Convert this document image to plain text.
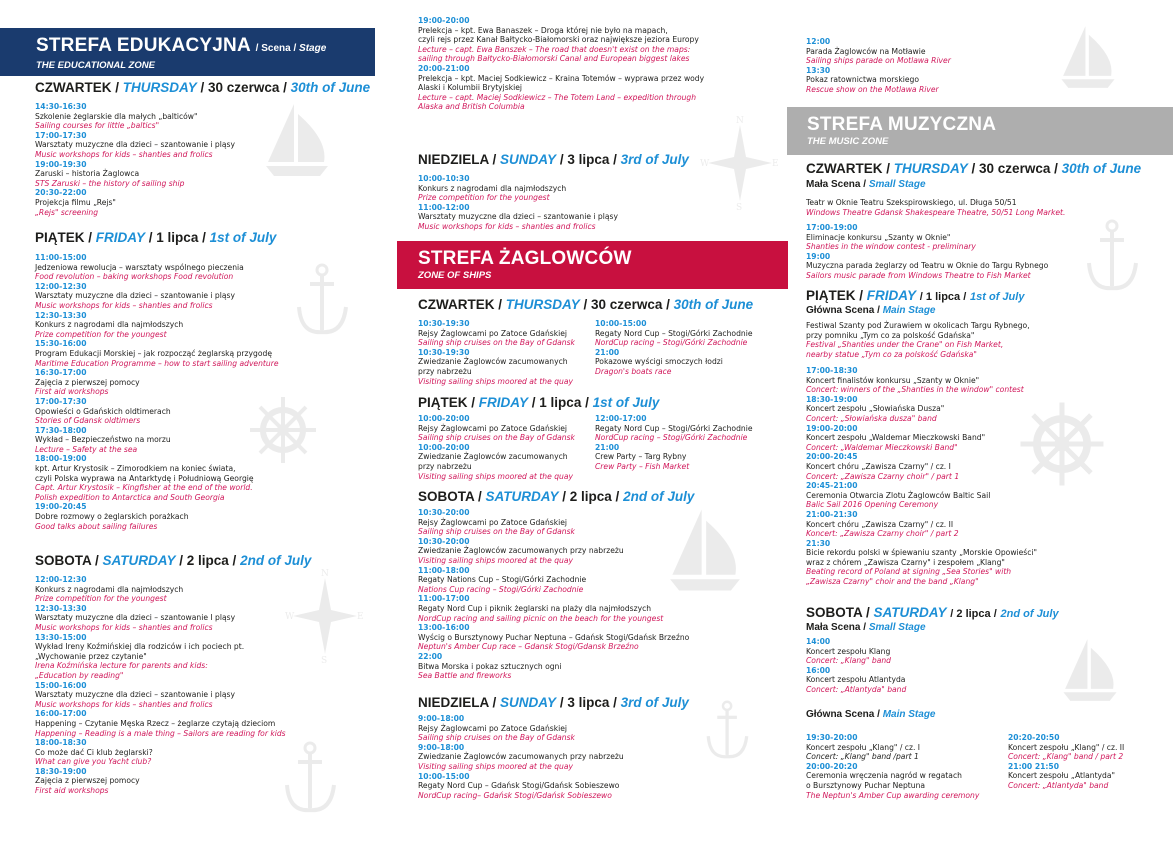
N
E
S
W
N
E
S
W
STREFA EDUKACYJNA / Scena / Stage
THE EDUCATIONAL ZONE
CZWARTEK / THURSDAY / 30 czerwca / 30th of June
14:30-16:30
Szkolenie żeglarskie dla małych „balticów"
Sailing courses for little „baltics"
17:00-17:30
Warsztaty muzyczne dla dzieci – szantowanie i pląsy
Music workshops for kids – shanties and frolics
19:00-19:30
Zaruski – historia Żaglowca
STS Zaruski – the history of sailing ship
20:30-22:00
Projekcja filmu „Rejs"
„Rejs" screening
PIĄTEK / FRIDAY / 1 lipca / 1st of July
11:00-15:00
Jedzeniowa rewolucja – warsztaty wspólnego pieczenia
Food revolution – baking workshops Food revolution
12:00-12:30
Warsztaty muzyczne dla dzieci – szantowanie i pląsy
Music workshops for kids – shanties and frolics
12:30-13:30
Konkurs z nagrodami dla najmłodszych
Prize competition for the youngest
15:30-16:00
Program Edukacji Morskiej – jak rozpocząć żeglarską przygodę
Maritime Education Programme – how to start sailing adventure
16:30-17:00
Zajęcia z pierwszej pomocy
First aid workshops
17:00-17:30
Opowieści o Gdańskich oldtimerach
Stories of Gdansk oldtimers
17:30-18:00
Wykład – Bezpieczeństwo na morzu
Lecture – Safety at the sea
18:00-19:00
kpt. Artur Krystosik – Zimorodkiem na koniec świata,
czyli Polska wyprawa na Antarktydę i Południową Georgię
Capt. Artur Krystosik – Kingfisher at the end of the world.
Polish expedition to Antarctica and South Georgia
19:00-20:45
Dobre rozmowy o żeglarskich porażkach
Good talks about sailing failures
SOBOTA / SATURDAY / 2 lipca / 2nd of July
12:00-12:30
Konkurs z nagrodami dla najmłodszych
Prize competition for the youngest
12:30-13:30
Warsztaty muzyczne dla dzieci – szantowanie I pląsy
Music workshops for kids – shanties and frolics
13:30-15:00
Wykład Ireny Koźmińskiej dla rodziców i ich pociech pt.
„Wychowanie przez czytanie"
Irena Koźmińska lecture for parents and kids:
„Education by reading"
15:00-16:00
Warsztaty muzyczne dla dzieci – szantowanie i pląsy
Music workshops for kids – shanties and frolics
16:00-17:00
Happening – Czytanie Męska Rzecz – żeglarze czytają dzieciom
Happening – Reading is a male thing – Sailors are reading for kids
18:00-18:30
Co może dać Ci klub żeglarski?
What can give you Yacht club?
18:30-19:00
Zajęcia z pierwszej pomocy
First aid workshops
19:00-20:00
Prelekcja – kpt. Ewa Banaszek – Droga której nie było na mapach,
czyli rejs przez Kanał Bałtycko-Białomorski oraz największe jeziora Europy
Lecture – capt. Ewa Banszek – The road that doesn't exist on the maps:
sailing through Bałtycko-Białomorski Canal and European biggest lakes
20:00-21:00
Prelekcja – kpt. Maciej Sodkiewicz – Kraina Totemów – wyprawa przez wody
Alaski i Kolumbii Brytyjskiej
Lecture – capt. Maciej Sodkiewicz – The Totem Land – expedition through
Alaska and British Columbia
NIEDZIELA / SUNDAY / 3 lipca / 3rd of July
10:00-10:30
Konkurs z nagrodami dla najmłodszych
Prize competition for the youngest
11:00-12:00
Warsztaty muzyczne dla dzieci – szantowanie i pląsy
Music workshops for kids – shanties and frolics
STREFA ŻAGLOWCÓW
ZONE OF SHIPS
CZWARTEK / THURSDAY / 30 czerwca / 30th of June
10:30-19:30
Rejsy Żaglowcami po Zatoce Gdańskiej
Sailing ship cruises on the Bay of Gdansk
10:30-19:30
Zwiedzanie Żaglowców zacumowanych
przy nabrzeżu
Visiting sailing ships moored at the quay
10:00-15:00
Regaty Nord Cup – Stogi/Górki Zachodnie
NordCup racing – Stogi/Górki Zachodnie
21:00
Pokazowe wyścigi smoczych łodzi
Dragon's boats race
PIĄTEK / FRIDAY / 1 lipca / 1st of July
10:00-20:00
Rejsy Żaglowcami po Zatoce Gdańskiej
Sailing ship cruises on the Bay of Gdansk
10:00-20:00
Zwiedzanie Żaglowców zacumowanych
przy nabrzeżu
Visiting sailing ships moored at the quay
12:00-17:00
Regaty Nord Cup – Stogi/Górki Zachodnie
NordCup racing – Stogi/Górki Zachodnie
21:00
Crew Party – Targ Rybny
Crew Party – Fish Market
SOBOTA / SATURDAY / 2 lipca / 2nd of July
10:30-20:00
Rejsy Żaglowcami po Zatoce Gdańskiej
Sailing ship cruises on the Bay of Gdansk
10:30-20:00
Zwiedzanie Żaglowców zacumowanych przy nabrzeżu
Visiting sailing ships moored at the quay
11:00-18:00
Regaty Nations Cup – Stogi/Górki Zachodnie
Nations Cup racing – Stogi/Górki Zachodnie
11:00-17:00
Regaty Nord Cup i piknik żeglarski na plaży dla najmłodszych
NordCup racing and sailing picnic on the beach for the youngest
13:00-16:00
Wyścig o Bursztynowy Puchar Neptuna – Gdańsk Stogi/Gdańsk Brzeźno
Neptun's Amber Cup race – Gdansk Stogi/Gdansk Brzeźno
22:00
Bitwa Morska i pokaz sztucznych ogni
Sea Battle and fireworks
NIEDZIELA / SUNDAY / 3 lipca / 3rd of July
9:00-18:00
Rejsy Żaglowcami po Zatoce Gdańskiej
Sailing ship cruises on the Bay of Gdansk
9:00-18:00
Zwiedzanie Żaglowców zacumowanych przy nabrzeżu
Visiting sailing ships moored at the quay
10:00-15:00
Regaty Nord Cup – Gdańsk Stogi/Gdańsk Sobieszewo
NordCup racing– Gdańsk Stogi/Gdańsk Sobieszewo
12:00
Parada Żaglowców na Motławie
Sailing ships parade on Motlawa River
13:30
Pokaz ratownictwa morskiego
Rescue show on the Motlawa River
STREFA MUZYCZNA
THE MUSIC ZONE
CZWARTEK / THURSDAY / 30 czerwca / 30th of June
Mała Scena / Small Stage
Teatr w Oknie Teatru Szekspirowskiego, ul. Długa 50/51
Windows Theatre Gdansk Shakespeare Theatre, 50/51 Long Market.
17:00-19:00
Eliminacje konkursu „Szanty w Oknie"
Shanties in the window contest - preliminary
19:00
Muzyczna parada żeglarzy od Teatru w Oknie do Targu Rybnego
Sailors music parade from Windows Theatre to Fish Market
PIĄTEK / FRIDAY / 1 lipca / 1st of July
Główna Scena / Main Stage
Festiwal Szanty pod Żurawiem w okolicach Targu Rybnego,
przy pomniku „Tym co za polskość Gdańska"
Festival „Shanties under the Crane" on Fish Market,
nearby statue „Tym co za polskość Gdańska"
17:00-18:30
Koncert finalistów konkursu „Szanty w Oknie"
Concert: winners of the „Shanties in the window" contest
18:30-19:00
Koncert zespołu „Słowiańska Dusza"
Concert: „Słowiańska dusza" band
19:00-20:00
Koncert zespołu „Waldemar Mieczkowski Band"
Concert: „Waldemar Mieczkowski Band"
20:00-20:45
Koncert chóru „Zawisza Czarny" / cz. I
Concert: „Zawisza Czarny choir" / part 1
20:45-21:00
Ceremonia Otwarcia Zlotu Żaglowców Baltic Sail
Balic Sail 2016 Opening Ceremony
21:00-21:30
Koncert chóru „Zawisza Czarny" / cz. II
Koncert: „Zawisza Czarny choir" / part 2
21:30
Bicie rekordu polski w śpiewaniu szanty „Morskie Opowieści"
wraz z chórem „Zawisza Czarny" i zespołem „Klang"
Beating record of Poland at signing „Sea Stories" with
„Zawisza Czarny" choir and the band „Klang"
SOBOTA / SATURDAY / 2 lipca / 2nd of July
Mała Scena / Small Stage
14:00
Koncert zespołu Klang
Concert: „Klang" band
16:00
Koncert zespołu Atlantyda
Concert: „Atlantyda" band
Główna Scena / Main Stage
19:30-20:00
Koncert zespołu „Klang" / cz. I
Concert: „Klang" band /part 1
20:00-20:20
Ceremonia wręczenia nagród w regatach
o Bursztynowy Puchar Neptuna
The Neptun's Amber Cup awarding ceremony
20:20-20:50
Koncert zespołu „Klang" / cz. II
Concert: „Klang" band / part 2
21:00 21:50
Koncert zespołu „Atlantyda"
Concert: „Atlantyda" band
